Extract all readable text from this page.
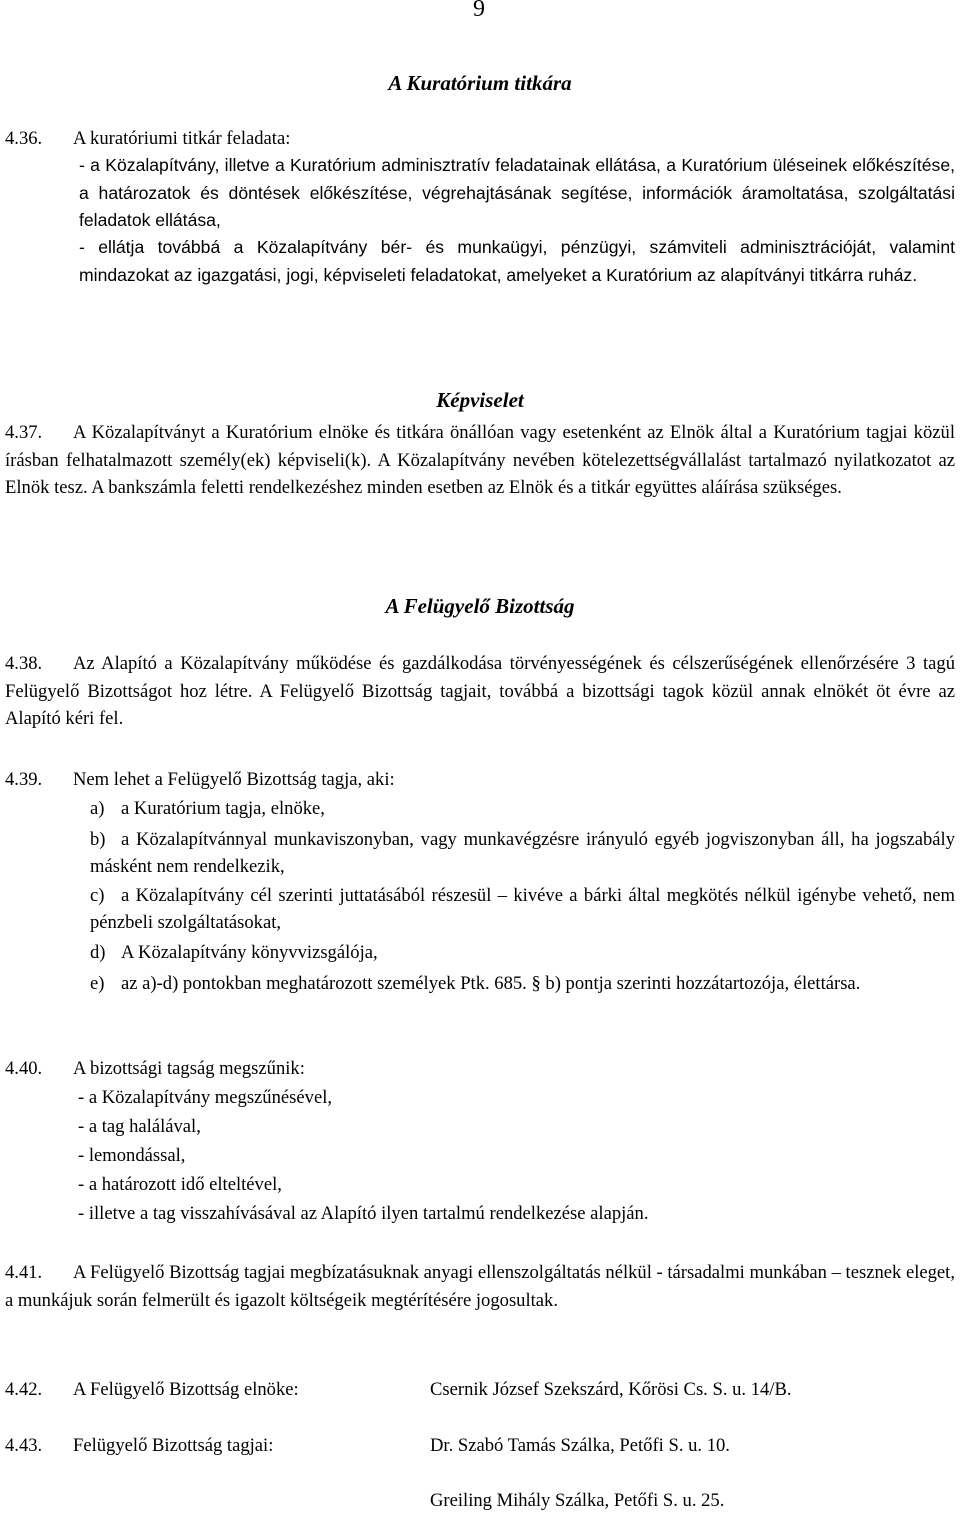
9
A Kuratórium titkára
4.36. A kuratóriumi titkár feladata:
- a Közalapítvány, illetve a Kuratórium adminisztratív feladatainak ellátása, a Kuratórium üléseinek előkészítése, a határozatok és döntések előkészítése, végrehajtásának segítése, információk áramoltatása, szolgáltatási feladatok ellátása,
- ellátja továbbá a Közalapítvány bér- és munkaügyi, pénzügyi, számviteli adminisztrációját, valamint mindazokat az igazgatási, jogi, képviseleti feladatokat, amelyeket a Kuratórium az alapítványi titkárra ruház.
Képviselet
4.37. A Közalapítványt a Kuratórium elnöke és titkára önállóan vagy esetenként az Elnök által a Kuratórium tagjai közül írásban felhatalmazott személy(ek) képviseli(k). A Közalapítvány nevében kötelezettségvállalást tartalmazó nyilatkozatot az Elnök tesz. A bankszámla feletti rendelkezéshez minden esetben az Elnök és a titkár együttes aláírása szükséges.
A Felügyelő Bizottság
4.38. Az Alapító a Közalapítvány működése és gazdálkodása törvényességének és célszerűségének ellenőrzésére 3 tagú Felügyelő Bizottságot hoz létre. A Felügyelő Bizottság tagjait, továbbá a bizottsági tagok közül annak elnökét öt évre az Alapító kéri fel.
4.39. Nem lehet a Felügyelő Bizottság tagja, aki:
a) a Kuratórium tagja, elnöke,
b) a Közalapítvánnyal munkaviszonyban, vagy munkavégzésre irányuló egyéb jogviszonyban áll, ha jogszabály másként nem rendelkezik,
c) a Közalapítvány cél szerinti juttatásából részesül – kivéve a bárki által megkötés nélkül igénybe vehető, nem pénzbeli szolgáltatásokat,
d) A Közalapítvány könyvvizsgálója,
e) az a)-d) pontokban meghatározott személyek Ptk. 685. § b) pontja szerinti hozzátartozója, élettársa.
4.40. A bizottsági tagság megszűnik:
- a Közalapítvány megszűnésével,
- a tag halálával,
- lemondással,
- a határozott idő elteltével,
- illetve a tag visszahívásával az Alapító ilyen tartalmú rendelkezése alapján.
4.41. A Felügyelő Bizottság tagjai megbízatásuknak anyagi ellenszolgáltatás nélkül - társadalmi munkában – tesznek eleget, a munkájuk során felmerült és igazolt költségeik megtérítésére jogosultak.
4.42. A Felügyelő Bizottság elnöke:	Csernik József Szekszárd, Kőrösi Cs. S. u. 14/B.
4.43. Felügyelő Bizottság tagjai:	Dr. Szabó Tamás Szálka, Petőfi S. u. 10.
Greiling Mihály Szálka, Petőfi S. u. 25.
